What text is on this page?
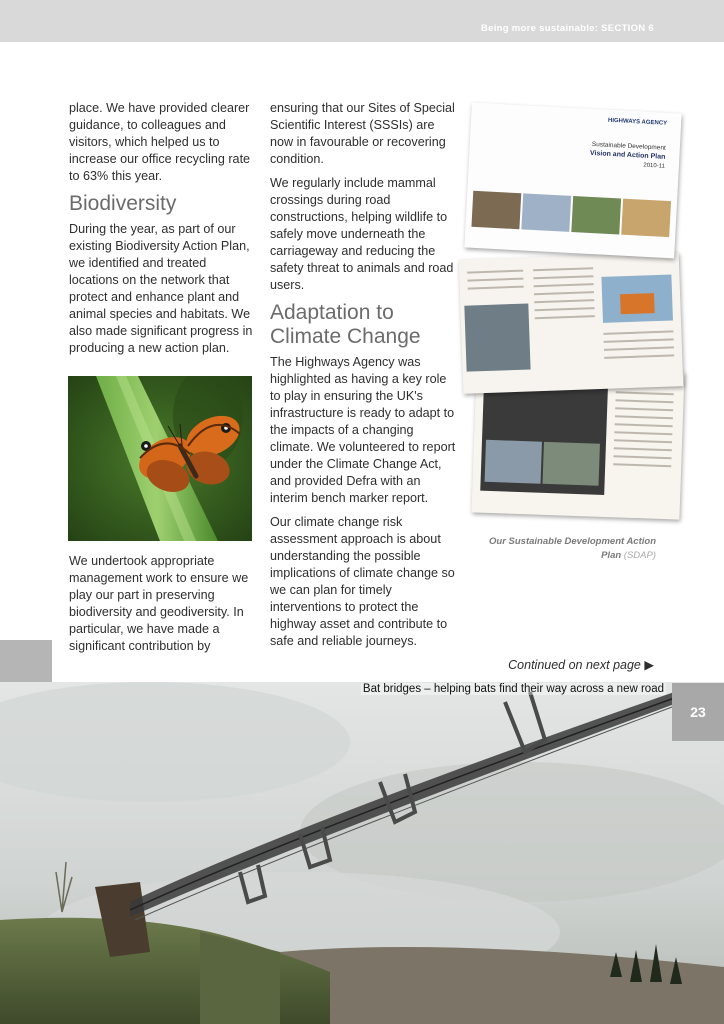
Being more sustainable: SECTION 6

place. We have provided clearer guidance, to colleagues and visitors, which helped us to increase our office recycling rate to 63% this year.

Biodiversity

During the year, as part of our existing Biodiversity Action Plan, we identified and treated locations on the network that protect and enhance plant and animal species and habitats. We also made significant progress in producing a new action plan.

We undertook appropriate management work to ensure we play our part in preserving biodiversity and geodiversity. In particular, we have made a significant contribution by

ensuring that our Sites of Special Scientific Interest (SSSIs) are now in favourable or recovering condition.

We regularly include mammal crossings during road constructions, helping wildlife to safely move underneath the carriageway and reducing the safety threat to animals and road users.

Adaptation to Climate Change

The Highways Agency was highlighted as having a key role to play in ensuring the UK's infrastructure is ready to adapt to the impacts of a changing climate. We volunteered to report under the Climate Change Act, and provided Defra with an interim bench marker report.

Our climate change risk assessment approach is about understanding the possible implications of climate change so we can plan for timely interventions to protect the highway asset and contribute to safe and reliable journeys.

HIGHWAYS AGENCY
Sustainable Development
Vision and Action Plan
2010-11
Our Sustainable Development Action Plan (SDAP)
Continued on next page ▶
Bat bridges – helping bats find their way across a new road
23
